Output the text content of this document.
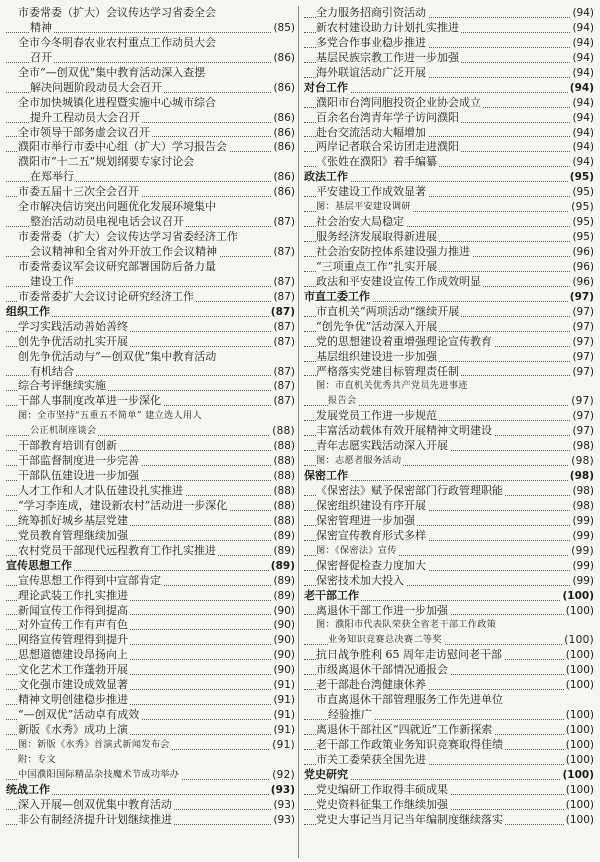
市委常委（扩大）会议传达学习省委全会
精神	(85)
全市今冬明春农业农村重点工作动员大会
召开	(86)
全市“—创双优”集中教育活动深入查摆
解决问题阶段动员大会召开	(86)
全市加快城镇化进程暨实施中心城市综合
提升工程动员大会召开	(86)
全市领导干部务虚会议召开	(86)
濮阳市举行市委中心组（扩大）学习报告会	(86)
濮阳市“十二五”规划纲要专家讨论会
在郑举行	(86)
市委五届十三次全会召开	(86)
全市解决信访突出问题优化发展环境集中
整治活动动员电视电话会议召开	(87)
市委常委（扩大）会议传达学习省委经济工作
会议精神和全省对外开放工作会议精神	(87)
市委常委议军会议研究部署国防后备力量
建设工作	(87)
市委常委扩大会议讨论研究经济工作	(87)
组织工作	(87)
学习实践活动善始善终	(87)
创先争优活动扎实开展	(87)
创先争优活动与“—创双优”集中教育活动
有机结合	(87)
综合考评继续实施	(87)
干部人事制度改革进一步深化	(87)
图：全市坚持“五重五不简单” 建立选人用人
公正机制座谈会	(88)
干部教育培训有创新	(88)
干部监督制度进一步完善	(88)
干部队伍建设进一步加强	(88)
人才工作和人才队伍建设扎实推进	(88)
“学习李连成，建设新农村”活动进一步深化	(88)
统筹抓好城乡基层党建	(88)
党员教育管理继续加强	(89)
农村党员干部现代远程教育工作扎实推进	(89)
宣传思想工作	(89)
宣传思想工作得到中宣部肯定	(89)
理论武装工作扎实推进	(89)
新闻宣传工作得到提高	(90)
对外宣传工作有声有色	(90)
网络宣传管理得到提升	(90)
思想道德建设昂扬向上	(90)
文化艺术工作蓬勃开展	(90)
文化强市建设成效显著	(91)
精神文明创建稳步推进	(91)
“—创双优”活动卓有成效	(91)
新版《水秀》成功上演	(91)
图：新版《水秀》首演式新闻发布会	(91)
附：专文
中国濮阳国际精品杂技魔术节成功举办	(92)
统战工作	(93)
深入开展—创双优集中教育活动	(93)
非公有制经济提升计划继续推进	(93)
全力服务招商引资活动	(94)
新农村建设助力计划扎实推进	(94)
多党合作事业稳步推进	(94)
基层民族宗教工作进一步加强	(94)
海外联谊活动广泛开展	(94)
对台工作	(94)
濮阳市台湾同胞投资企业协会成立	(94)
百余名台湾青年学子访问濮阳	(94)
赴台交流活动大幅增加	(94)
两岸记者联合采访团走进濮阳	(94)
《张姓在濮阳》着手编纂	(94)
政法工作	(95)
平安建设工作成效显著	(95)
图：基层平安建设调研	(95)
社会治安大局稳定	(95)
服务经济发展取得新进展	(95)
社会治安防控体系建设强力推进	(96)
“三项重点工作”扎实开展	(96)
政法和平安建设宣传工作成效明显	(96)
市直工委工作	(97)
市直机关“两项活动”继续开展	(97)
“创先争优”活动深入开展	(97)
党的思想建设着重增强理论宣传教育	(97)
基层组织建设进一步加强	(97)
严格落实党建目标管理责任制	(97)
图：市直机关优秀共产党员先进事迹
报告会	(97)
发展党员工作进一步规范	(97)
丰富活动载体有效开展精神文明建设	(97)
青年志愿实践活动深入开展	(98)
图：志愿者服务活动	(98)
保密工作	(98)
《保密法》赋予保密部门行政管理职能	(98)
保密组织建设有序开展	(98)
保密管理进一步加强	(99)
保密宣传教育形式多样	(99)
图：《保密法》宣传	(99)
保密督促检查力度加大	(99)
保密技术加大投入	(99)
老干部工作	(100)
离退休干部工作进一步加强	(100)
图：濮阳市代表队荣获全省老干部工作政策
业务知识竞赛总决赛二等奖	(100)
抗日战争胜利 65 周年走访慰问老干部	(100)
市级离退休干部情况通报会	(100)
老干部赴台湾健康休养	(100)
市直离退休干部管理服务工作先进单位
经验推广	(100)
离退休干部社区“四就近”工作新探索	(100)
老干部工作政策业务知识竞赛取得佳绩	(100)
市关工委荣获全国先进	(100)
党史研究	(100)
党史编研工作取得丰硕成果	(100)
党史资料征集工作继续加强	(100)
党史大事记当月记当年编制度继续落实	(100)
